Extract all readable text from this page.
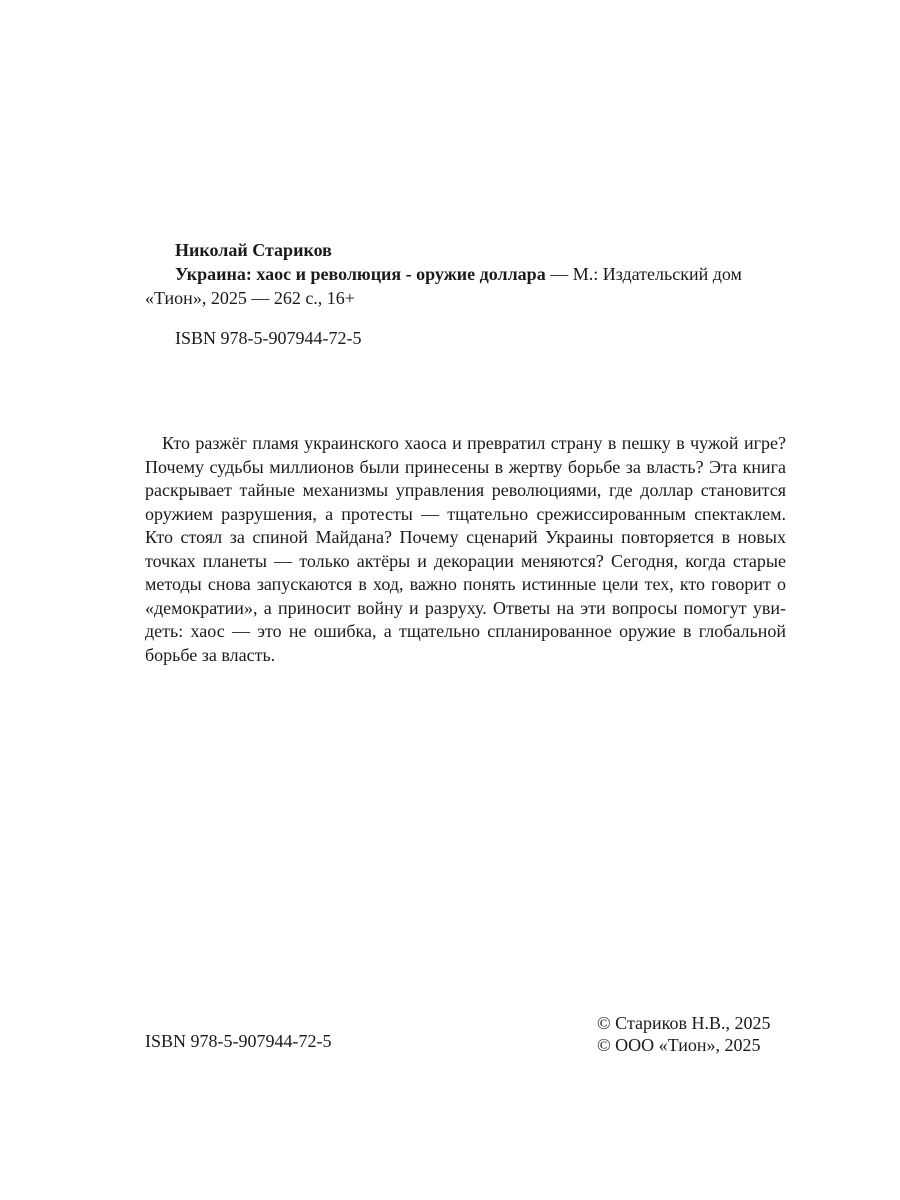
Николай Стариков
Украина: хаос и революция - оружие доллара — М.: Издательский дом
«Тион», 2025 — 262 с., 16+
ISBN 978-5-907944-72-5
Кто разжёг пламя украинского хаоса и превратил страну в пешку в чужой игре? Почему судьбы миллионов были принесены в жертву борьбе за власть? Эта книга раскрывает тайные механизмы управления революциями, где доллар становится оружием разрушения, а протесты — тщательно срежиссированным спектаклем. Кто стоял за спиной Майдана? Почему сценарий Украины повторяется в новых точках планеты — только актёры и декорации меняются? Сегодня, когда старые методы снова запускаются в ход, важно понять истинные цели тех, кто говорит о «демократии», а приносит войну и разруху. Ответы на эти вопросы помогут уви-деть: хаос — это не ошибка, а тщательно спланированное оружие в глобальной борьбе за власть.
ISBN 978-5-907944-72-5
© Стариков Н.В., 2025
© ООО «Тион», 2025
